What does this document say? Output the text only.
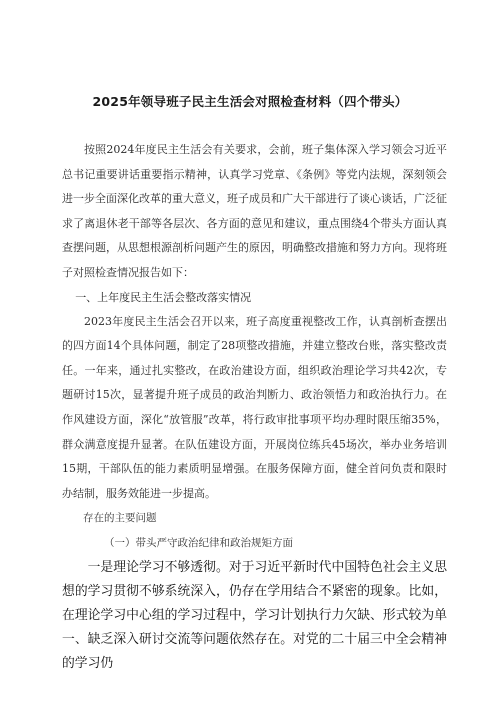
2025年领导班子民主生活会对照检查材料（四个带头）

按照2024年度民主生活会有关要求，会前，班子集体深入学习领会习近平总书记重要讲话重要指示精神，认真学习党章、《条例》等党内法规，深刻领会进一步全面深化改革的重大意义，班子成员和广大干部进行了谈心谈话，广泛征求了离退休老干部等各层次、各方面的意见和建议，重点围绕4个带头方面认真查摆问题，从思想根源剖析问题产生的原因，明确整改措施和努力方向。现将班子对照检查情况报告如下：

一、上年度民主生活会整改落实情况

2023年度民主生活会召开以来，班子高度重视整改工作，认真剖析查摆出的四方面14个具体问题，制定了28项整改措施，并建立整改台账，落实整改责任。一年来，通过扎实整改，在政治建设方面，组织政治理论学习共42次，专题研讨15次，显著提升班子成员的政治判断力、政治领悟力和政治执行力。在作风建设方面，深化“放管服”改革，将行政审批事项平均办理时限压缩35%，群众满意度提升显著。在队伍建设方面，开展岗位练兵45场次，举办业务培训15期，干部队伍的能力素质明显增强。在服务保障方面，健全首问负责和限时办结制，服务效能进一步提高。

存在的主要问题

（一）带头严守政治纪律和政治规矩方面

一是理论学习不够透彻。对于习近平新时代中国特色社会主义思想的学习贯彻不够系统深入，仍存在学用结合不紧密的现象。比如，在理论学习中心组的学习过程中，学习计划执行力欠缺、形式较为单一、缺乏深入研讨交流等问题依然存在。对党的二十届三中全会精神的学习仍
